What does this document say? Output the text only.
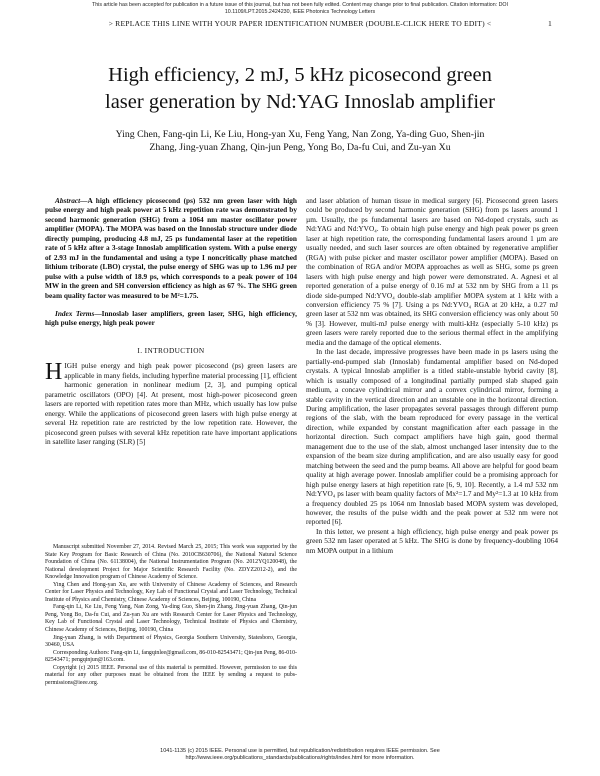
This article has been accepted for publication in a future issue of this journal, but has not been fully edited. Content may change prior to final publication. Citation information: DOI
10.1109/LPT.2015.2424230, IEEE Photonics Technology Letters
> REPLACE THIS LINE WITH YOUR PAPER IDENTIFICATION NUMBER (DOUBLE-CLICK HERE TO EDIT) <	1
High efficiency, 2 mJ, 5 kHz picosecond green
laser generation by Nd:YAG Innoslab amplifier
Ying Chen, Fang-qin Li, Ke Liu, Hong-yan Xu, Feng Yang, Nan Zong, Ya-ding Guo, Shen-jin
Zhang, Jing-yuan Zhang, Qin-jun Peng, Yong Bo, Da-fu Cui, and Zu-yan Xu

Abstract—A high efficiency picosecond (ps) 532 nm green laser with high pulse energy and high peak power at 5 kHz repetition rate was demonstrated by second harmonic generation (SHG) from a 1064 nm master oscillator power amplifier (MOPA). The MOPA was based on the Innoslab structure under diode directly pumping, producing 4.8 mJ, 25 ps fundamental laser at the repetition rate of 5 kHz after a 3-stage Innoslab amplification system. With a pulse energy of 2.93 mJ in the fundamental and using a type I noncritically phase matched lithium triborate (LBO) crystal, the pulse energy of SHG was up to 1.96 mJ per pulse with a pulse width of 18.9 ps, which corresponds to a peak power of 104 MW in the green and SH conversion efficiency as high as 67 %. The SHG green beam quality factor was measured to be M²=1.75.

Index Terms—Innoslab laser amplifiers, green laser, SHG, high efficiency, high pulse energy, high peak power

I. INTRODUCTION

HIGH pulse energy and high peak power picosecond (ps) green lasers are applicable in many fields, including hyperfine material processing [1], efficient harmonic generation in nonlinear medium [2, 3], and pumping optical parametric oscillators (OPO) [4]. At present, most high-power picosecond green lasers are reported with repetition rates more than MHz, which usually has low pulse energy. While the applications of picosecond green lasers with high pulse energy at several Hz repetition rate are restricted by the low repetition rate. However, the picosecond green pulses with several kHz repetition rate have important applications in satellite laser ranging (SLR) [5]

Manuscript submitted November 27, 2014. Revised March 25, 2015; This work was supported by the State Key Program for Basic Research of China (No. 2010CB630706), the National Natural Science Foundation of China (No. 61138004), the National Instrumentation Program (No. 2012YQ120048), the National development Project for Major Scientific Research Facility (No. ZDYZ2012-2), and the Knowledge Innovation program of Chinese Academy of Science.

Ying Chen and Hong-yan Xu, are with University of Chinese Academy of Sciences, and Research Center for Laser Physics and Technology, Key Lab of Functional Crystal and Laser Technology, Technical Institute of Physics and Chemistry, Chinese Academy of Sciences, Beijing, 100190, China

Fang-qin Li, Ke Liu, Feng Yang, Nan Zong, Ya-ding Guo, Shen-jin Zhang, Jing-yuan Zhang, Qin-jun Peng, Yong Bo, Da-fu Cui, and Zu-yan Xu are with Research Center for Laser Physics and Technology, Key Lab of Functional Crystal and Laser Technology, Technical Institute of Physics and Chemistry, Chinese Academy of Sciences, Beijing, 100190, China

Jing-yuan Zhang, is with Department of Physics, Georgia Southern University, Statesboro, Georgia, 30460, USA

Corresponding Authors: Fang-qin Li, fangqinlee@gmail.com, 86-010-82543471; Qin-jun Peng, 86-010-82543471; pengqinjun@163.com.

Copyright (c) 2015 IEEE. Personal use of this material is permitted. However, permission to use this material for any other purposes must be obtained from the IEEE by sending a request to pubs-permissions@ieee.org.

and laser ablation of human tissue in medical surgery [6]. Picosecond green lasers could be produced by second harmonic generation (SHG) from ps lasers around 1 µm. Usually, the ps fundamental lasers are based on Nd-doped crystals, such as Nd:YAG and Nd:YVO₄. To obtain high pulse energy and high peak power ps green laser at high repetition rate, the corresponding fundamental lasers around 1 µm are usually needed, and such laser sources are often obtained by regenerative amplifier (RGA) with pulse picker and master oscillator power amplifier (MOPA). Based on the combination of RGA and/or MOPA approaches as well as SHG, some ps green lasers with high pulse energy and high power were demonstrated. A. Agnesi et al reported generation of a pulse energy of 0.16 mJ at 532 nm by SHG from a 11 ps diode side-pumped Nd:YVO₄ double-slab amplifier MOPA system at 1 kHz with a conversion efficiency 75 % [7]. Using a ps Nd:YVO₄ RGA at 20 kHz, a 0.27 mJ green laser at 532 nm was obtained, its SHG conversion efficiency was only about 50 % [3]. However, multi-mJ pulse energy with multi-kHz (especially 5-10 kHz) ps green lasers were rarely reported due to the serious thermal effect in the amplifying media and the damage of the optical elements.

In the last decade, impressive progresses have been made in ps lasers using the partially-end-pumped slab (Innoslab) fundamental amplifier based on Nd-doped crystals. A typical Innoslab amplifier is a titled stable-unstable hybrid cavity [8], which is usually composed of a longitudinal partially pumped slab shaped gain medium, a concave cylindrical mirror and a convex cylindrical mirror, forming a stable cavity in the vertical direction and an unstable one in the horizontal direction. During amplification, the laser propagates several passages through different pump regions of the slab, with the beam reproduced for every passage in the vertical direction, while expanded by constant magnification after each passage in the horizontal direction. Such compact amplifiers have high gain, good thermal management due to the use of the slab, almost unchanged laser intensity due to the expansion of the beam size during amplification, and are also usually easy for good matching between the seed and the pump beams. All above are helpful for good beam quality at high average power. Innoslab amplifier could be a promising approach for high pulse energy lasers at high repetition rate [6, 9, 10]. Recently, a 1.4 mJ 532 nm Nd:YVO₄ ps laser with beam quality factors of Mx²=1.7 and My²=1.3 at 10 kHz from a frequency doubled 25 ps 1064 nm Innoslab based MOPA system was developed, however, the results of the pulse width and the peak power at 532 nm were not reported [6].

In this letter, we present a high efficiency, high pulse energy and peak power ps green 532 nm laser operated at 5 kHz. The SHG is done by frequency-doubling 1064 nm MOPA output in a lithium

1041-1135 (c) 2015 IEEE. Personal use is permitted, but republication/redistribution requires IEEE permission. See
http://www.ieee.org/publications_standards/publications/rights/index.html for more information.
